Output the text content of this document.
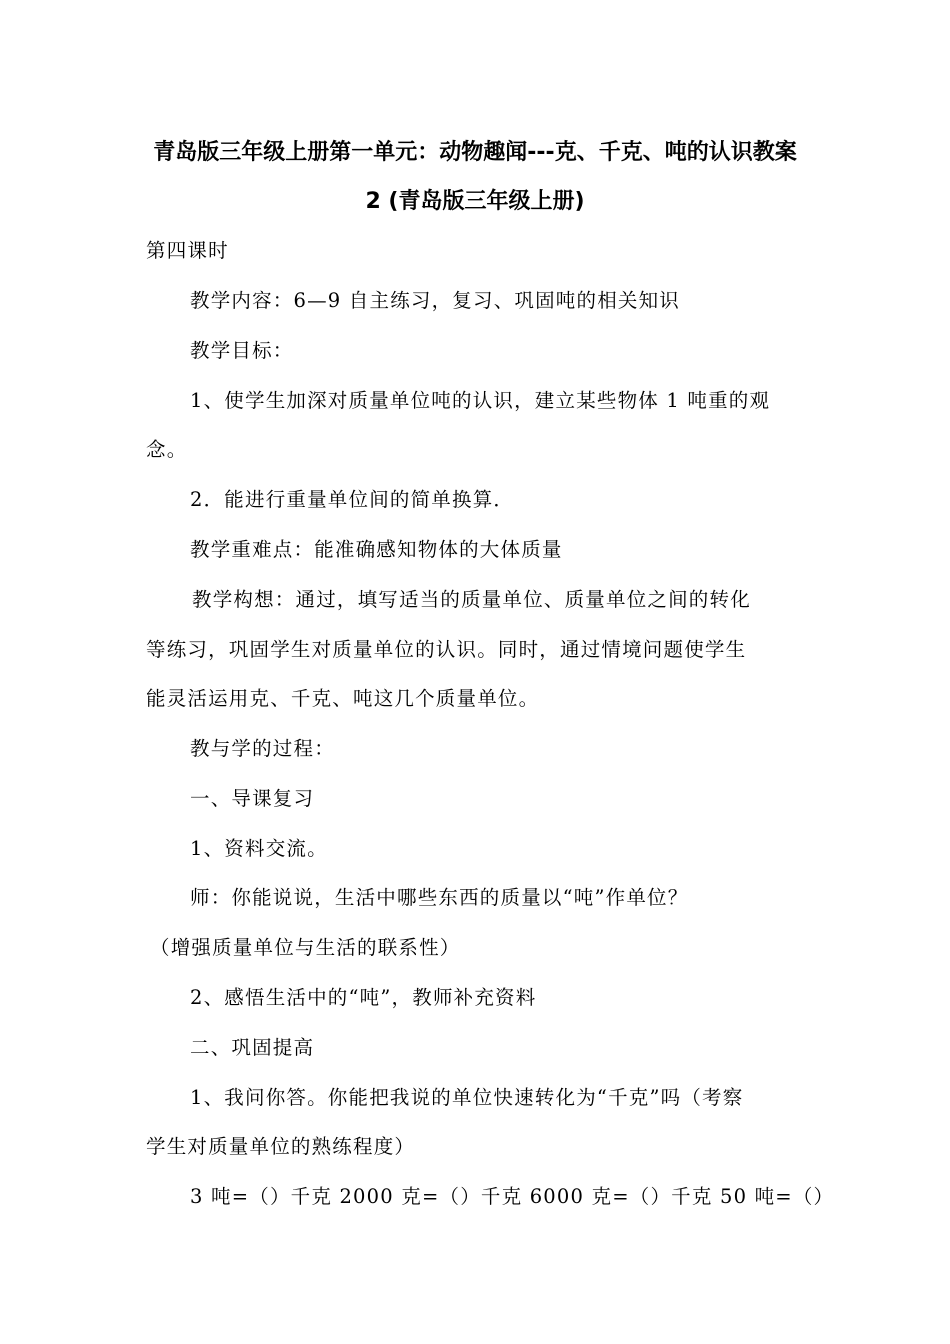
青岛版三年级上册第一单元：动物趣闻---克、千克、吨的认识教案
2 (青岛版三年级上册)
第四课时
教学内容：6—9 自主练习，复习、巩固吨的相关知识
教学目标：
1、使学生加深对质量单位吨的认识，建立某些物体 1 吨重的观
念。
2．能进行重量单位间的简单换算．
教学重难点：能准确感知物体的大体质量
教学构想：通过，填写适当的质量单位、质量单位之间的转化
等练习，巩固学生对质量单位的认识。同时，通过情境问题使学生
能灵活运用克、千克、吨这几个质量单位。
教与学的过程：
一、导课复习
1、资料交流。
师：你能说说，生活中哪些东西的质量以“吨”作单位？
（增强质量单位与生活的联系性）
2、感悟生活中的“吨”，教师补充资料
二、巩固提高
1、我问你答。你能把我说的单位快速转化为“千克”吗（考察
学生对质量单位的熟练程度）
3 吨=（）千克 2000 克=（）千克 6000 克=（）千克 50 吨=（）
